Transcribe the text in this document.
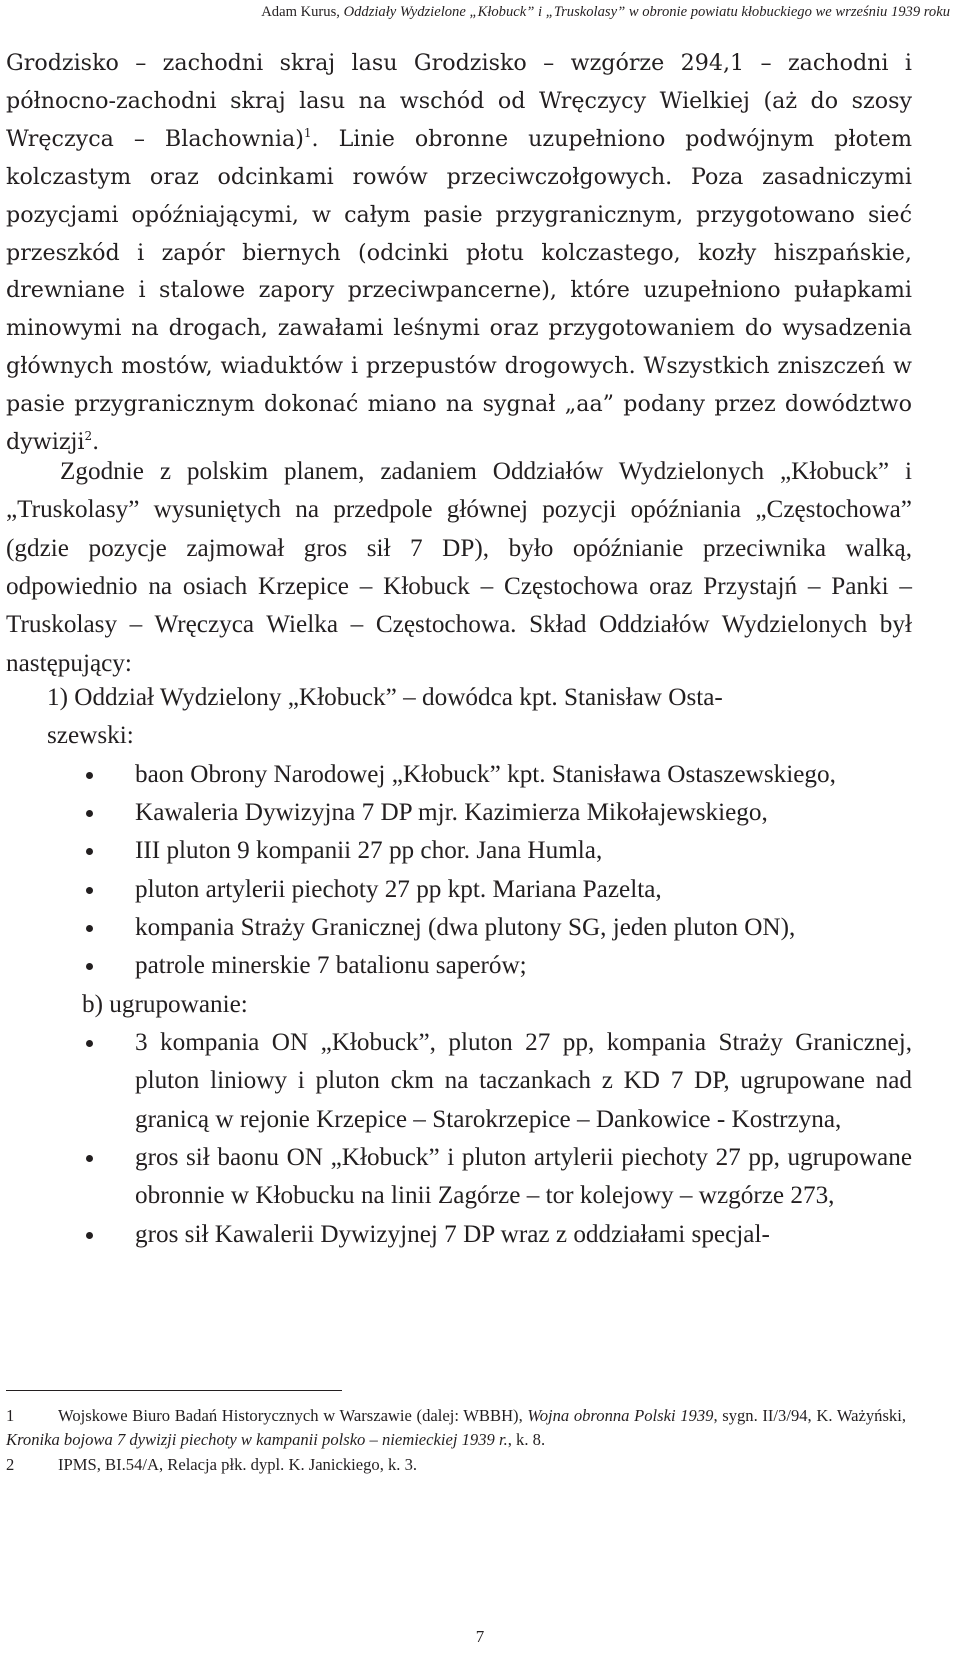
Adam Kurus, Oddziały Wydzielone „Kłobuck” i „Truskolasy” w obronie powiatu kłobuckiego we wrześniu 1939 roku

Grodzisko – zachodni skraj lasu Grodzisko – wzgórze 294,1 – zachodni i północno-zachodni skraj lasu na wschód od Wręczycy Wielkiej (aż do szosy Wręczyca – Blachownia)$^1$. Linie obronne uzupełniono podwójnym płotem kolczastym oraz odcinkami rowów przeciwczołgowych. Poza zasadniczymi pozycjami opóźniającymi, w całym pasie przygranicznym, przygotowano sieć przeszkód i zapór biernych (odcinki płotu kolczastego, kozły hiszpańskie, drewniane i stalowe zapory przeciwpancerne), które uzupełniono pułapkami minowymi na drogach, zawałami leśnymi oraz przygotowaniem do wysadzenia głównych mostów, wiaduktów i przepustów drogowych. Wszystkich zniszczeń w pasie przygranicznym dokonać miano na sygnał „aa” podany przez dowództwo dywizji$^2$.

Zgodnie z polskim planem, zadaniem Oddziałów Wydzielonych „Kłobuck” i „Truskolasy” wysuniętych na przedpole głównej pozycji opóźniania „Częstochowa” (gdzie pozycje zajmował gros sił 7 DP), było opóźnianie przeciwnika walką, odpowiednio na osiach Krzepice – Kłobuck – Częstochowa oraz Przystajń – Panki – Truskolasy – Wręczyca Wielka – Częstochowa. Skład Oddziałów Wydzielonych był następujący:

1) Oddział Wydzielony „Kłobuck” – dowódca kpt. Stanisław Osta-
szewski:
baon Obrony Narodowej „Kłobuck” kpt. Stanisława Ostaszewskiego,
Kawaleria Dywizyjna 7 DP mjr. Kazimierza Mikołajewskiego,
III pluton 9 kompanii 27 pp chor. Jana Humla,
pluton artylerii piechoty 27 pp kpt. Mariana Pazelta,
kompania Straży Granicznej (dwa plutony SG, jeden pluton ON),
patrole minerskie 7 batalionu saperów;
b) ugrupowanie:
3 kompania ON „Kłobuck”, pluton 27 pp, kompania Straży Granicznej, pluton liniowy i pluton ckm na taczankach z KD 7 DP, ugrupowane nad granicą w rejonie Krzepice – Starokrzepice – Dankowice - Kostrzyna,
gros sił baonu ON „Kłobuck” i pluton artylerii piechoty 27 pp, ugrupowane obronnie w Kłobucku na linii Zagórze – tor kolejowy – wzgórze 273,
gros sił Kawalerii Dywizyjnej 7 DP wraz z oddziałami specjal-
1	Wojskowe Biuro Badań Historycznych w Warszawie (dalej: WBBH), Wojna obronna Polski 1939, sygn. II/3/94, K. Ważyński, Kronika bojowa 7 dywizji piechoty w kampanii polsko – niemieckiej 1939 r., k. 8.
2	IPMS, BI.54/A, Relacja płk. dypl. K. Janickiego, k. 3.
7
